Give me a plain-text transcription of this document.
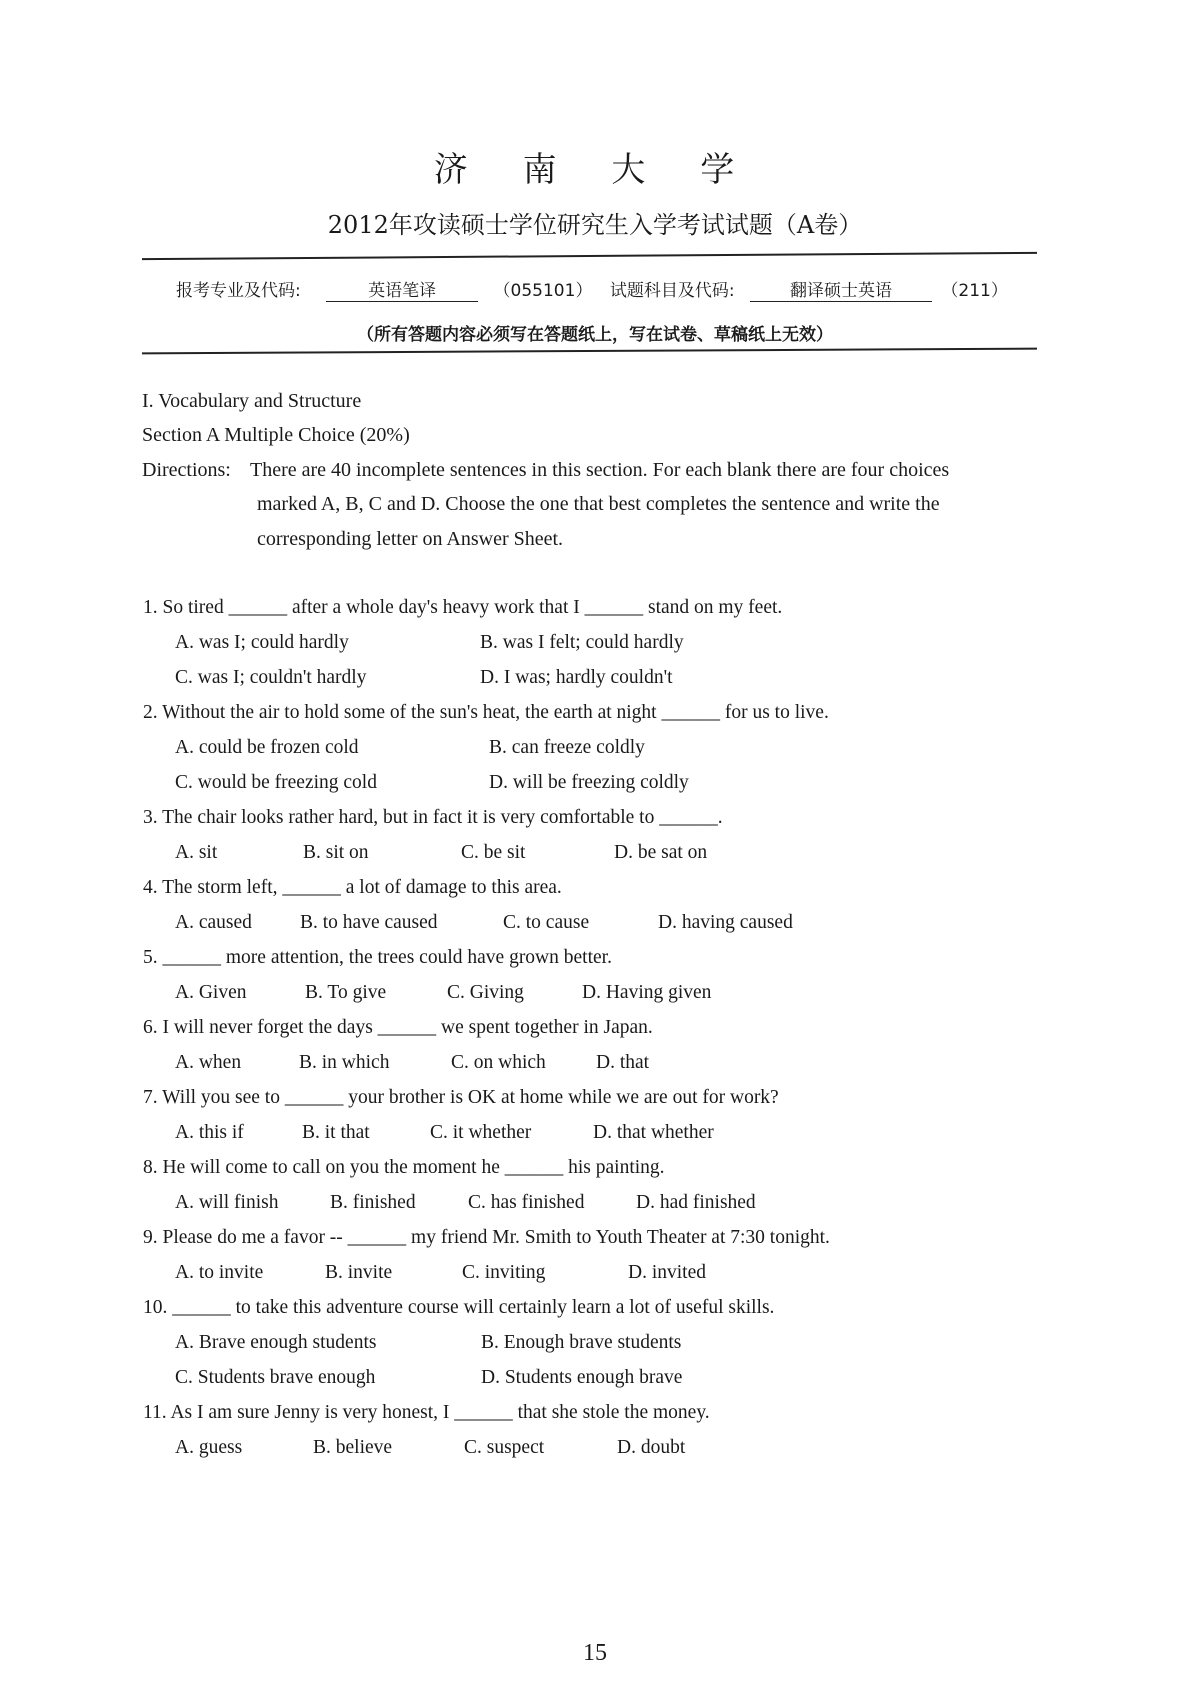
济 南 大 学
2012年攻读硕士学位研究生入学考试试题（A卷）
报考专业及代码:	英语笔译	（055101） 试题科目及代码:	翻译硕士英语	（211）
（所有答题内容必须写在答题纸上，写在试卷、草稿纸上无效）
I. Vocabulary and Structure
Section A Multiple Choice (20%)
Directions: There are 40 incomplete sentences in this section. For each blank there are four choices
marked A, B, C and D. Choose the one that best completes the sentence and write the
corresponding letter on Answer Sheet.
1. So tired ______ after a whole day's heavy work that I ______ stand on my feet.
A. was I; could hardly	B. was I felt; could hardly
C. was I; couldn't hardly	D. I was; hardly couldn't
2. Without the air to hold some of the sun's heat, the earth at night ______ for us to live.
A. could be frozen cold	B. can freeze coldly
C. would be freezing cold	D. will be freezing coldly
3. The chair looks rather hard, but in fact it is very comfortable to ______.
A. sit	B. sit on	C. be sit	D. be sat on
4. The storm left, ______ a lot of damage to this area.
A. caused B. to have caused	C. to cause	D. having caused
5. ______ more attention, the trees could have grown better.
A. Given	B. To give	C. Giving	D. Having given
6. I will never forget the days ______ we spent together in Japan.
A. when	B. in which	C. on which	D. that
7. Will you see to ______ your brother is OK at home while we are out for work?
A. this if	B. it that	C. it whether	D. that whether
8. He will come to call on you the moment he ______ his painting.
A. will finish	B. finished	C. has finished	D. had finished
9. Please do me a favor -- ______ my friend Mr. Smith to Youth Theater at 7:30 tonight.
A. to invite	B. invite	C. inviting	D. invited
10. ______ to take this adventure course will certainly learn a lot of useful skills.
A. Brave enough students	B. Enough brave students
C. Students brave enough	D. Students enough brave
11. As I am sure Jenny is very honest, I ______ that she stole the money.
A. guess	B. believe	C. suspect	D. doubt
15
